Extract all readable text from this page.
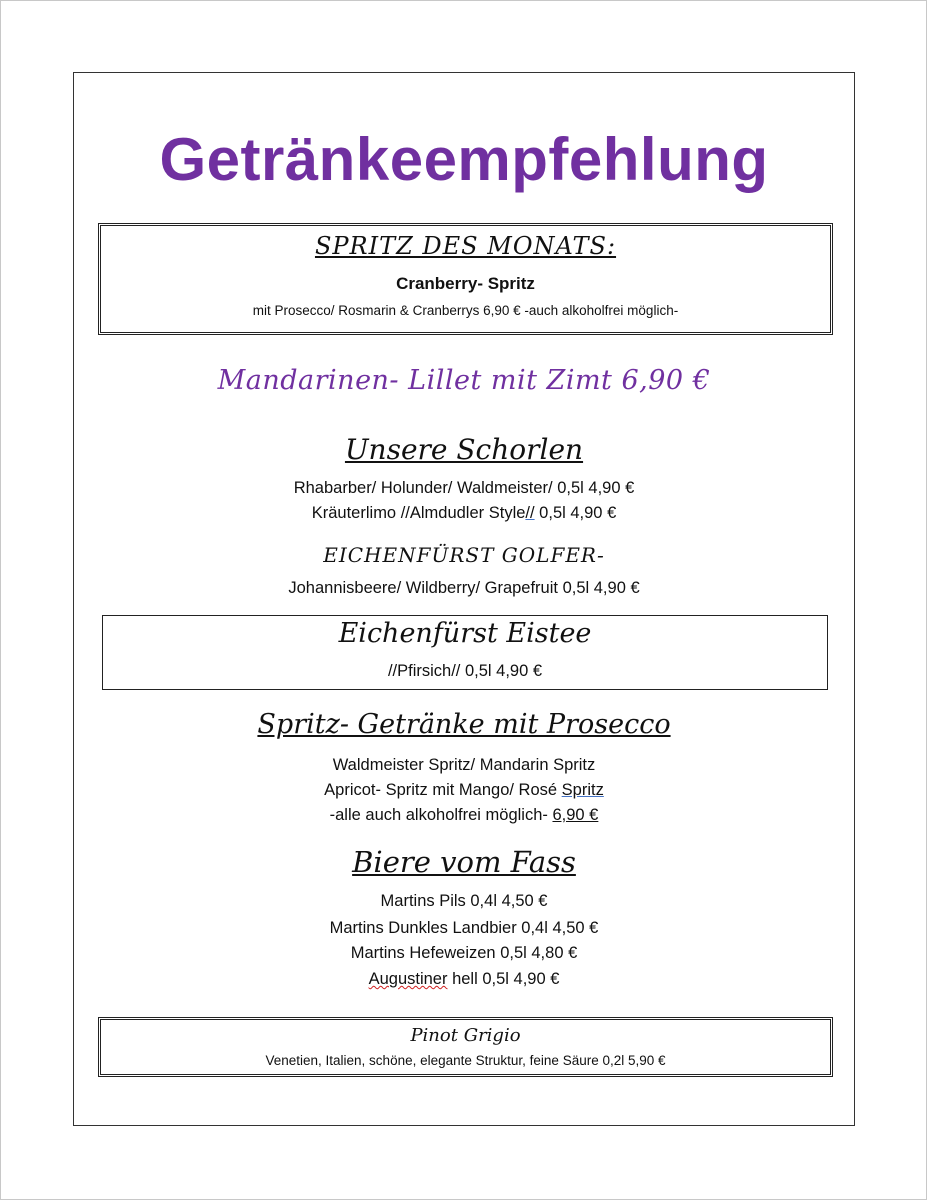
Getränkeempfehlung
SPRITZ DES MONATS:
Cranberry- Spritz
mit Prosecco/ Rosmarin & Cranberrys 6,90 € -auch alkoholfrei möglich-
Mandarinen- Lillet mit Zimt 6,90 €
Unsere Schorlen
Rhabarber/ Holunder/ Waldmeister/ 0,5l 4,90 €
Kräuterlimo //Almdudler Style// 0,5l 4,90 €
EICHENFÜRST GOLFER-
Johannisbeere/ Wildberry/ Grapefruit 0,5l 4,90 €
Eichenfürst Eistee
//Pfirsich// 0,5l 4,90 €
Spritz- Getränke mit Prosecco
Waldmeister Spritz/ Mandarin Spritz
Apricot- Spritz mit Mango/ Rosé Spritz
-alle auch alkoholfrei möglich- 6,90 €
Biere vom Fass
Martins Pils 0,4l 4,50 €
Martins Dunkles Landbier 0,4l 4,50 €
Martins Hefeweizen 0,5l 4,80 €
Augustiner hell 0,5l 4,90 €
Pinot Grigio
Venetien, Italien, schöne, elegante Struktur, feine Säure 0,2l 5,90 €
